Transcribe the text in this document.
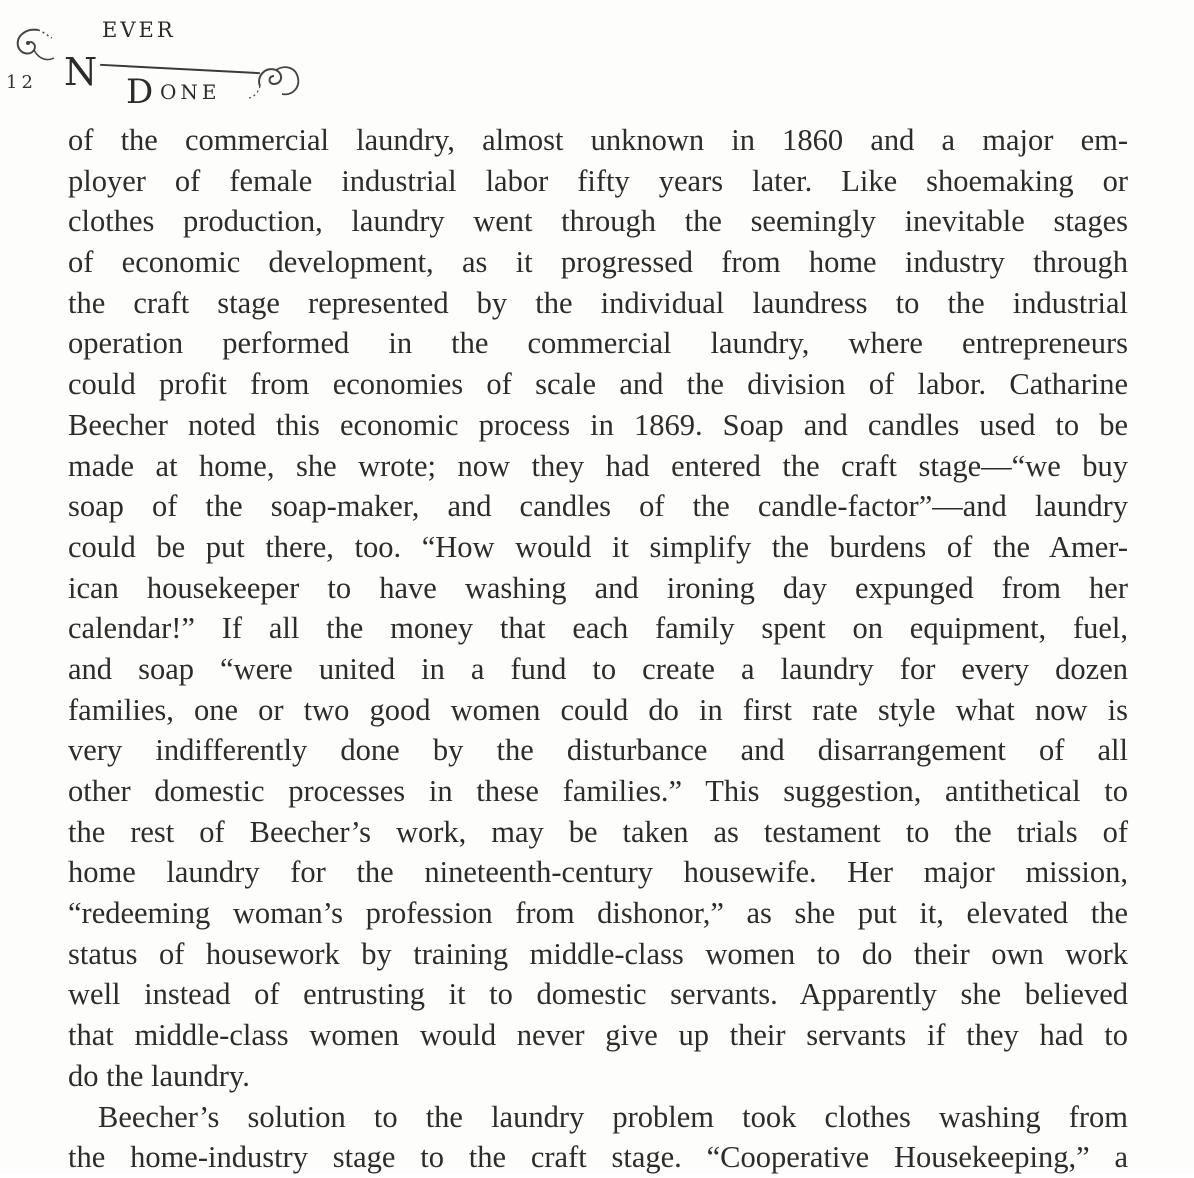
12 N
EVER
D ONE
of the commercial laundry, almost unknown in 1860 and a major em-
ployer of female industrial labor fifty years later. Like shoemaking or
clothes production, laundry went through the seemingly inevitable stages
of economic development, as it progressed from home industry through
the craft stage represented by the individual laundress to the industrial
operation performed in the commercial laundry, where entrepreneurs
could profit from economies of scale and the division of labor. Catharine
Beecher noted this economic process in 1869. Soap and candles used to be
made at home, she wrote; now they had entered the craft stage—“we buy
soap of the soap-maker, and candles of the candle-factor”—and laundry
could be put there, too. “How would it simplify the burdens of the Amer-
ican housekeeper to have washing and ironing day expunged from her
calendar!” If all the money that each family spent on equipment, fuel,
and soap “were united in a fund to create a laundry for every dozen
families, one or two good women could do in first rate style what now is
very indifferently done by the disturbance and disarrangement of all
other domestic processes in these families.” This suggestion, antithetical to
the rest of Beecher’s work, may be taken as testament to the trials of
home laundry for the nineteenth-century housewife. Her major mission,
“redeeming woman’s profession from dishonor,” as she put it, elevated the
status of housework by training middle-class women to do their own work
well instead of entrusting it to domestic servants. Apparently she believed
that middle-class women would never give up their servants if they had to
do the laundry.
Beecher’s solution to the laundry problem took clothes washing from
the home-industry stage to the craft stage. “Cooperative Housekeeping,” a
